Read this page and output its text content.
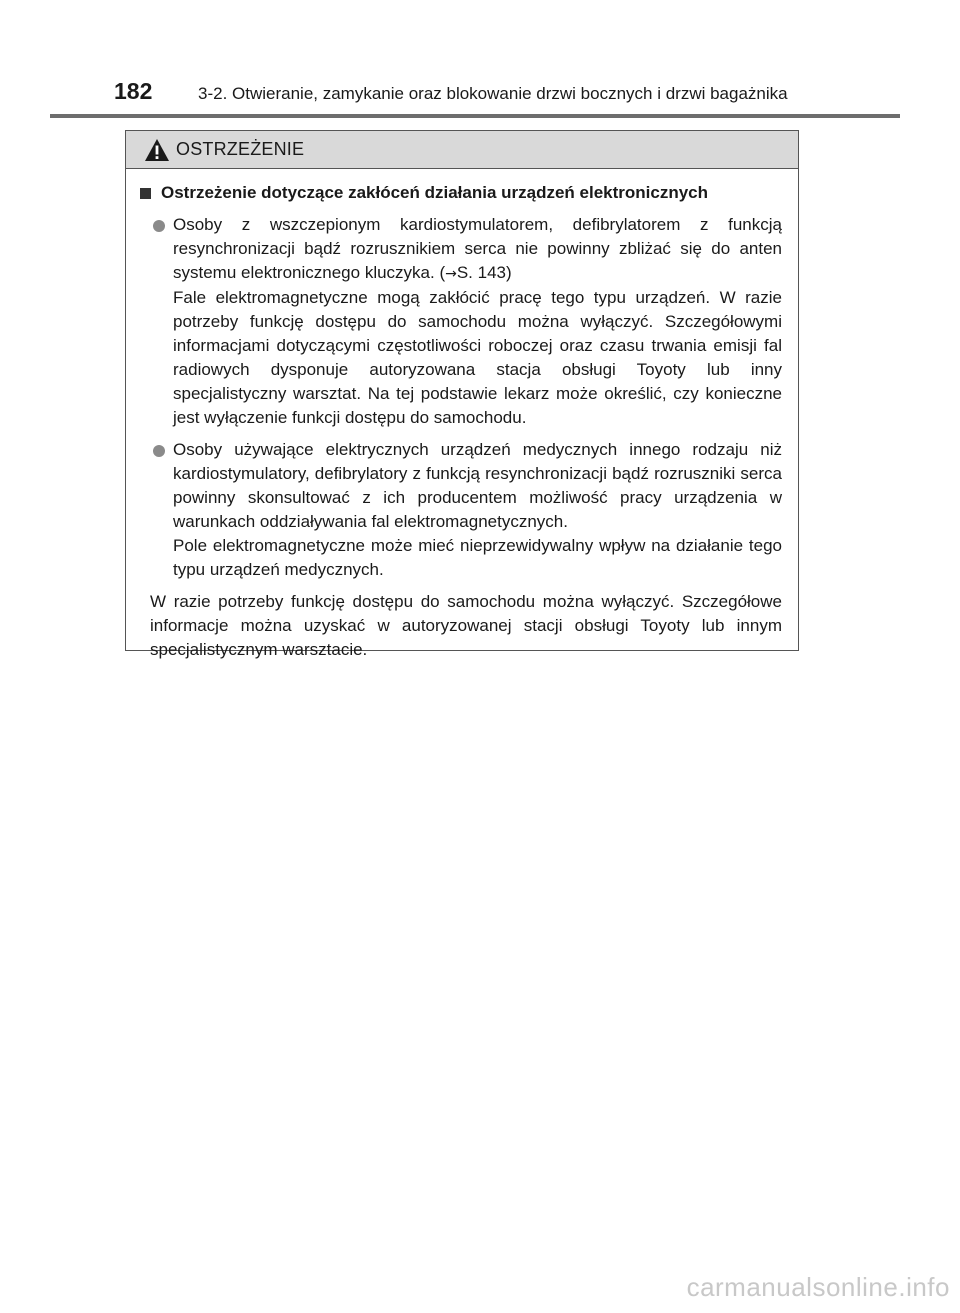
182	3-2. Otwieranie, zamykanie oraz blokowanie drzwi bocznych i drzwi bagażnika
OSTRZEŻENIE
Ostrzeżenie dotyczące zakłóceń działania urządzeń elektronicznych

Osoby z wszczepionym kardiostymulatorem, defibrylatorem z funkcją resynchronizacji bądź rozrusznikiem serca nie powinny zbliżać się do anten systemu elektronicznego kluczyka. (→S. 143)

Fale elektromagnetyczne mogą zakłócić pracę tego typu urządzeń. W razie potrzeby funkcję dostępu do samochodu można wyłączyć. Szczegółowymi informacjami dotyczącymi częstotliwości roboczej oraz czasu trwania emisji fal radiowych dysponuje autoryzowana stacja obsługi Toyoty lub inny specjalistyczny warsztat. Na tej podstawie lekarz może określić, czy konieczne jest wyłączenie funkcji dostępu do samochodu.

Osoby używające elektrycznych urządzeń medycznych innego rodzaju niż kardiostymulatory, defibrylatory z funkcją resynchronizacji bądź rozruszniki serca powinny skonsultować z ich producentem możliwość pracy urządzenia w warunkach oddziaływania fal elektromagnetycznych.

Pole elektromagnetyczne może mieć nieprzewidywalny wpływ na działanie tego typu urządzeń medycznych.

W razie potrzeby funkcję dostępu do samochodu można wyłączyć. Szczegółowe informacje można uzyskać w autoryzowanej stacji obsługi Toyoty lub innym specjalistycznym warsztacie.

carmanualsonline.info
